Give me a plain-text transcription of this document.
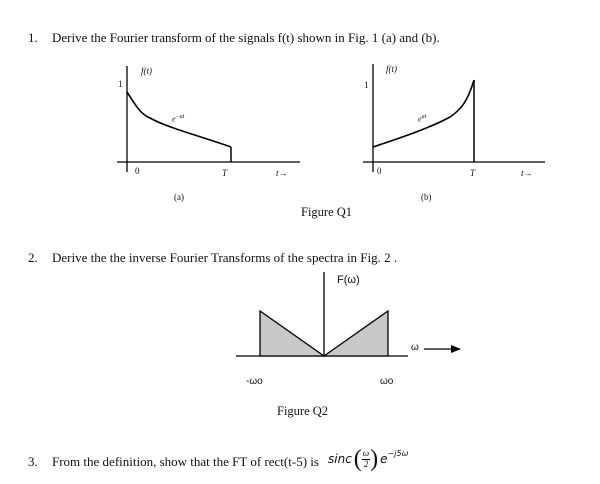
1. Derive the Fourier transform of the signals f(t) shown in Fig. 1 (a) and (b).
f(t)
1
0
$e^{-at}$
T	t→
(a)
f(t)
1
0
$e^{at}$
T	t→
(b)
Figure Q1
2. Derive the the inverse Fourier Transforms of the spectra in Fig. 2 .
F(ω)
-ωo	ωo
ω
Figure Q2
3. From the definition, show that the FT of rect(t-5) is sinc ( $\frac{\omega}{2}$ ) e −j5ω
